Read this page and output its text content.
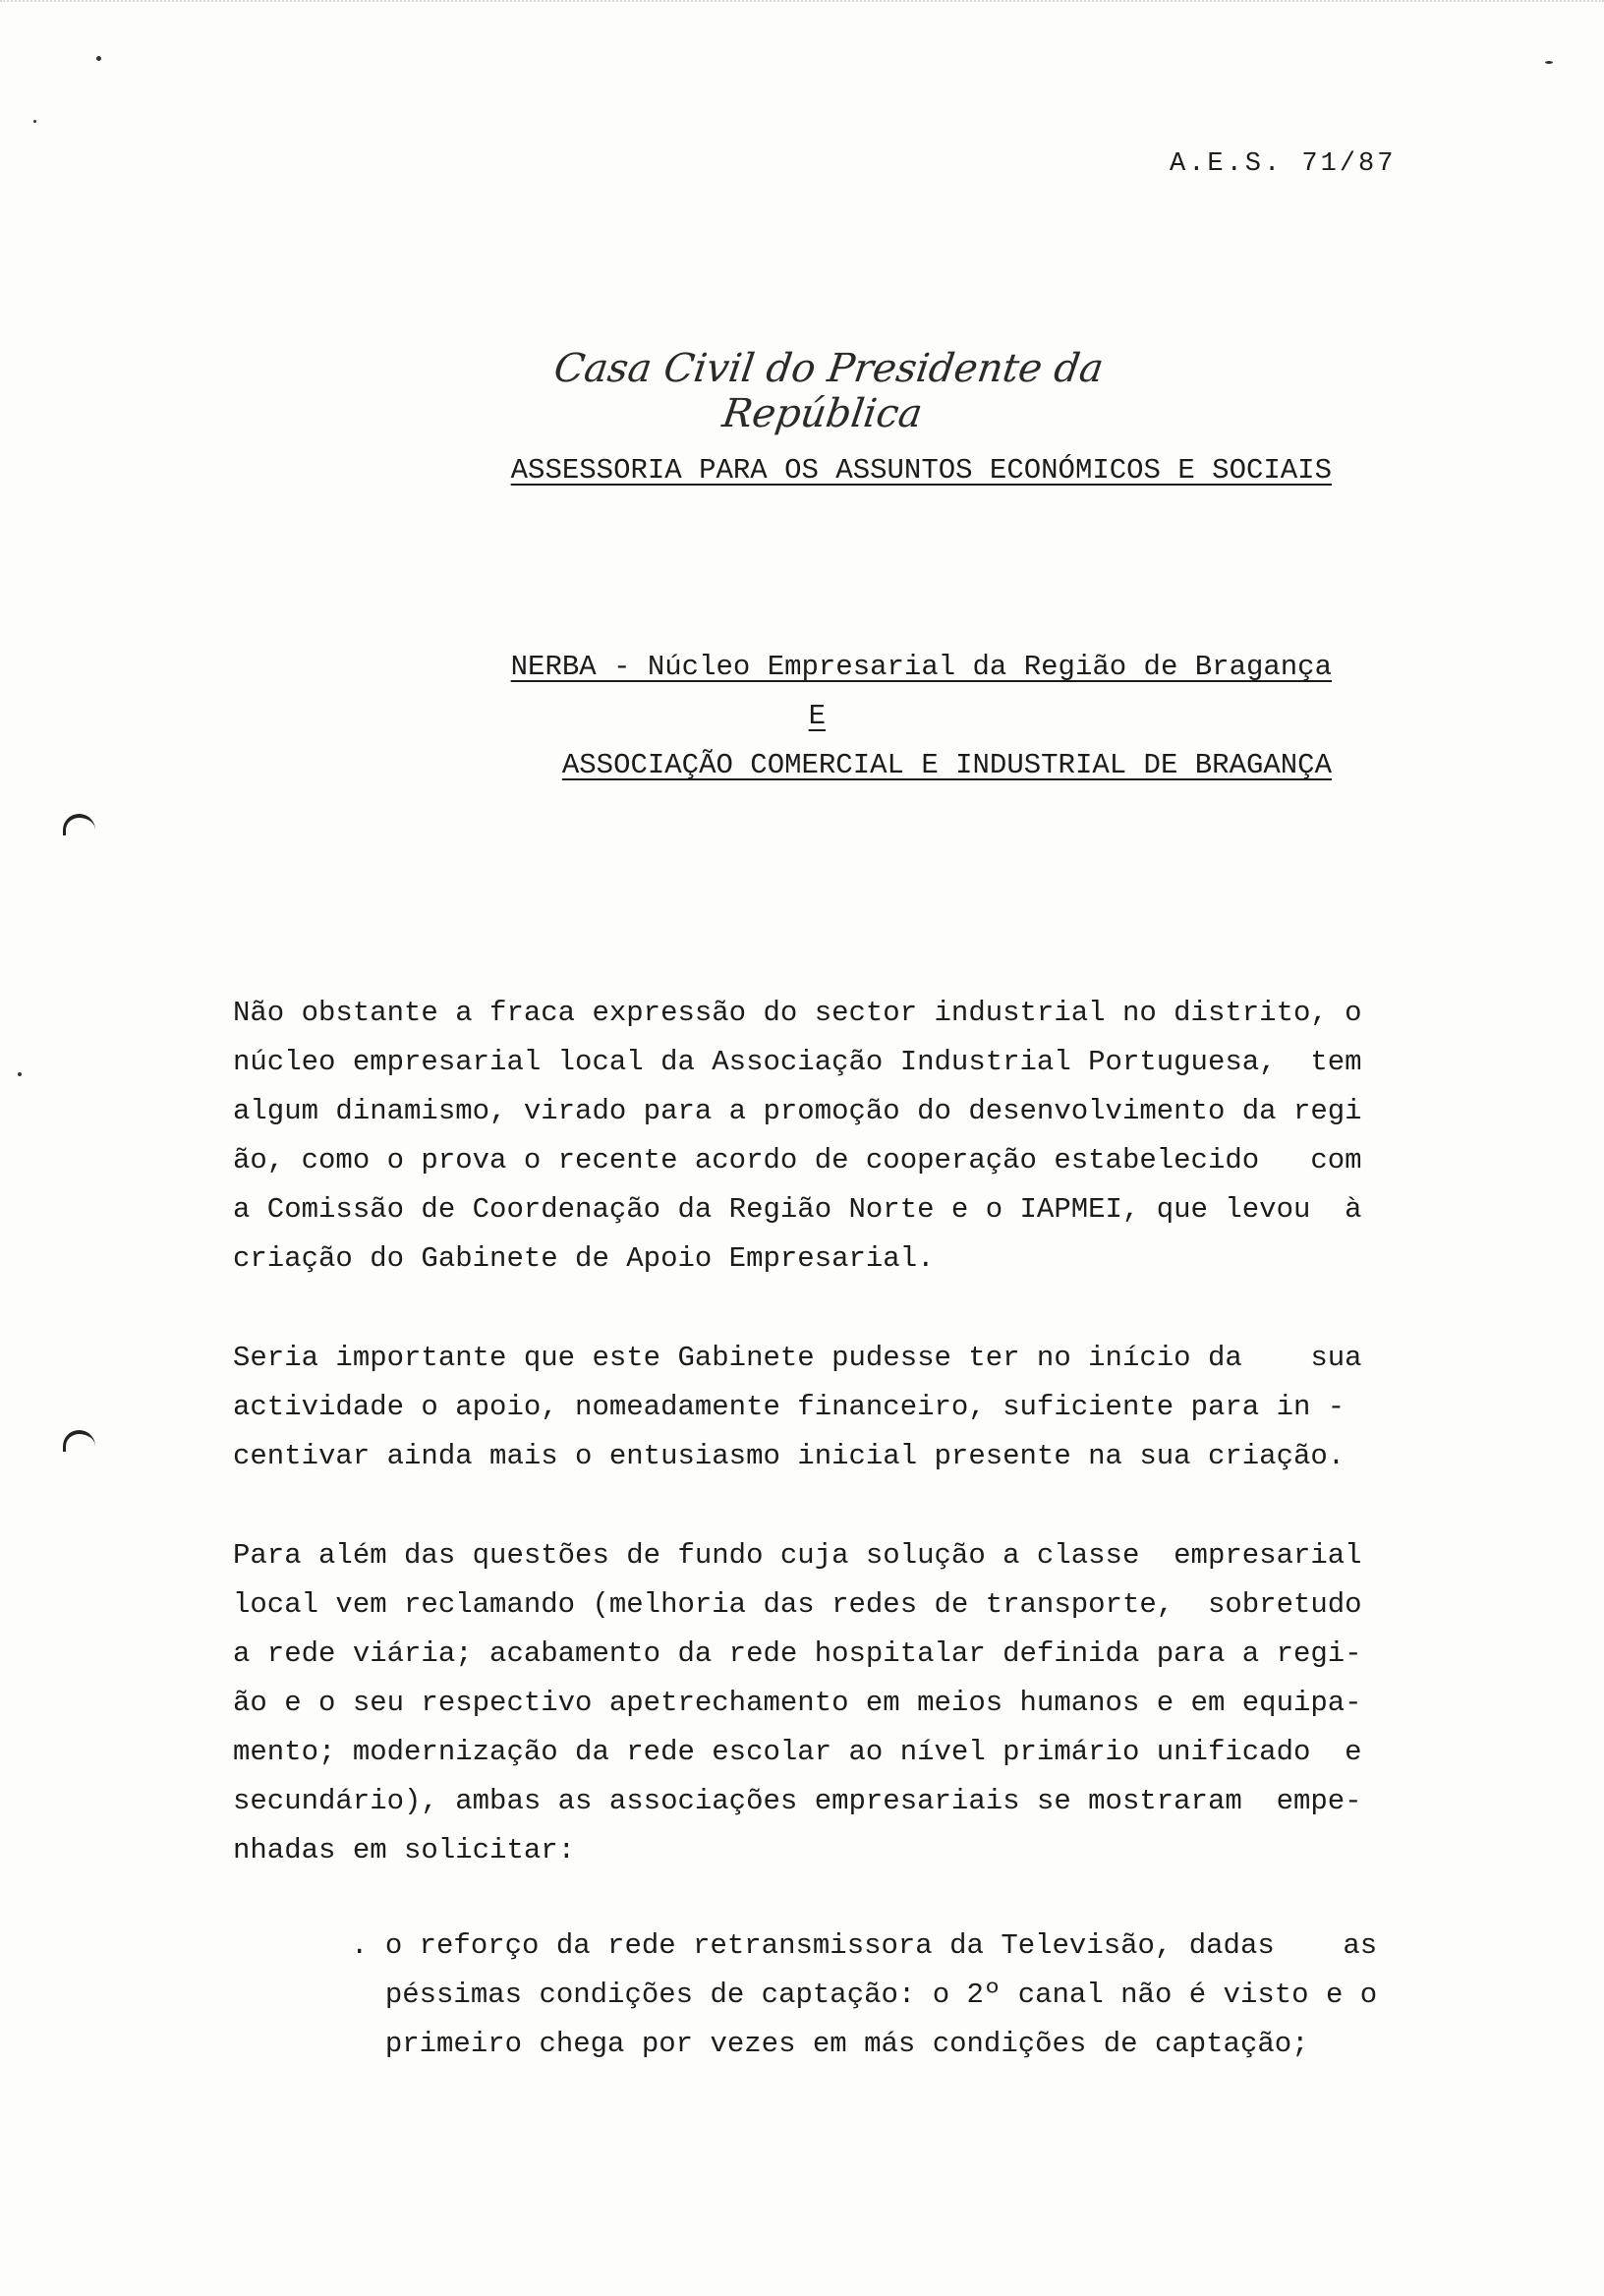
A.E.S. 71/87
Casa Civil do Presidente da República
ASSESSORIA PARA OS ASSUNTOS ECONÓMICOS E SOCIAIS
NERBA - Núcleo Empresarial da Região de Bragança
E
ASSOCIAÇÃO COMERCIAL E INDUSTRIAL DE BRAGANÇA
Não obstante a fraca expressão do sector industrial no distrito, o
núcleo empresarial local da Associação Industrial Portuguesa,  tem
algum dinamismo, virado para a promoção do desenvolvimento da regi
ão, como o prova o recente acordo de cooperação estabelecido   com
a Comissão de Coordenação da Região Norte e o IAPMEI, que levou  à
criação do Gabinete de Apoio Empresarial.
Seria importante que este Gabinete pudesse ter no início da    sua
actividade o apoio, nomeadamente financeiro, suficiente para in -
centivar ainda mais o entusiasmo inicial presente na sua criação.
Para além das questões de fundo cuja solução a classe  empresarial
local vem reclamando (melhoria das redes de transporte,  sobretudo
a rede viária; acabamento da rede hospitalar definida para a regi-
ão e o seu respectivo apetrechamento em meios humanos e em equipa-
mento; modernização da rede escolar ao nível primário unificado  e
secundário), ambas as associações empresariais se mostraram  empe-
nhadas em solicitar:
. o reforço da rede retransmissora da Televisão, dadas    as
péssimas condições de captação: o 2º canal não é visto e o
primeiro chega por vezes em más condições de captação;
